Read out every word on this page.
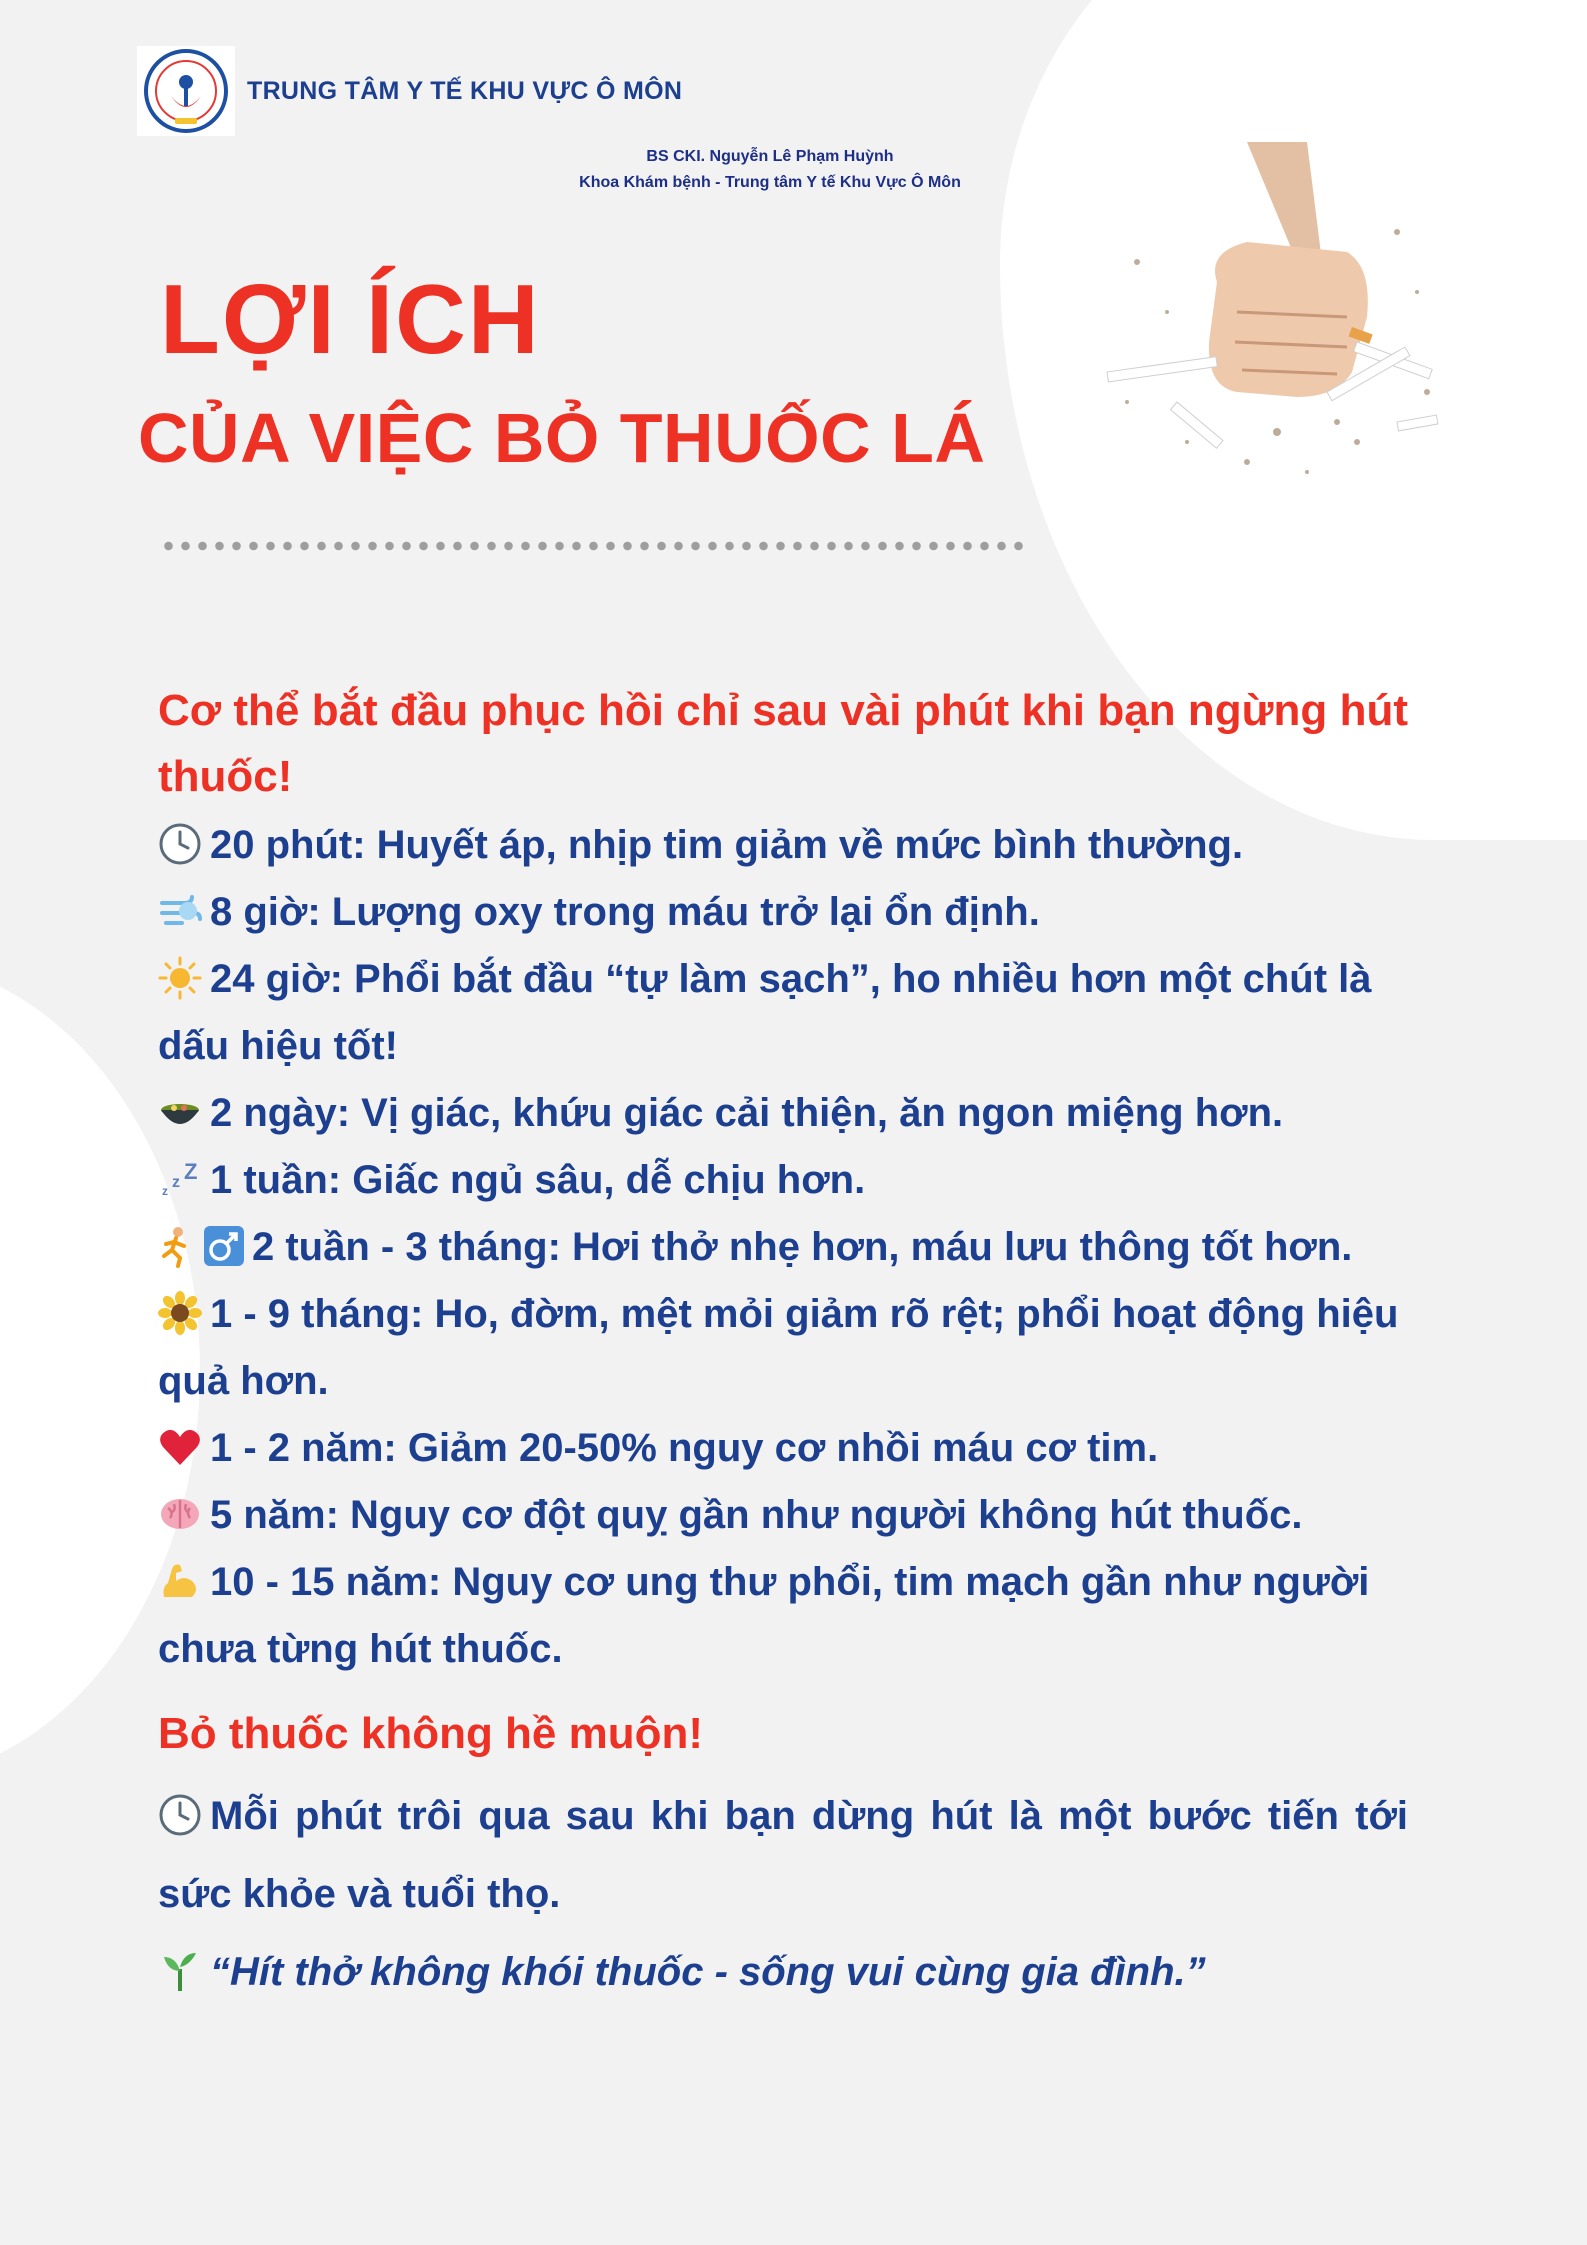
TRUNG TÂM Y TẾ KHU VỰC Ô MÔN
BS CKI. Nguyễn Lê Phạm Huỳnh
Khoa Khám bệnh - Trung tâm Y tế Khu Vực Ô Môn
LỢI ÍCH
CỦA VIỆC BỎ THUỐC LÁ

Cơ thể bắt đầu phục hồi chỉ sau vài phút khi bạn ngừng hút thuốc!

20 phút: Huyết áp, nhịp tim giảm về mức bình thường.
8 giờ: Lượng oxy trong máu trở lại ổn định.
24 giờ: Phổi bắt đầu “tự làm sạch”, ho nhiều hơn một chút là dấu hiệu tốt!
2 ngày: Vị giác, khứu giác cải thiện, ăn ngon miệng hơn.
z z Z 1 tuần: Giấc ngủ sâu, dễ chịu hơn.
2 tuần - 3 tháng: Hơi thở nhẹ hơn, máu lưu thông tốt hơn.
1 - 9 tháng: Ho, đờm, mệt mỏi giảm rõ rệt; phổi hoạt động hiệu quả hơn.
1 - 2 năm: Giảm 20-50% nguy cơ nhồi máu cơ tim.
5 năm: Nguy cơ đột quỵ gần như người không hút thuốc.
10 - 15 năm: Nguy cơ ung thư phổi, tim mạch gần như người chưa từng hút thuốc.

Bỏ thuốc không hề muộn!

Mỗi phút trôi qua sau khi bạn dừng hút là một bước tiến tới sức khỏe và tuổi thọ.

“Hít thở không khói thuốc - sống vui cùng gia đình.”
